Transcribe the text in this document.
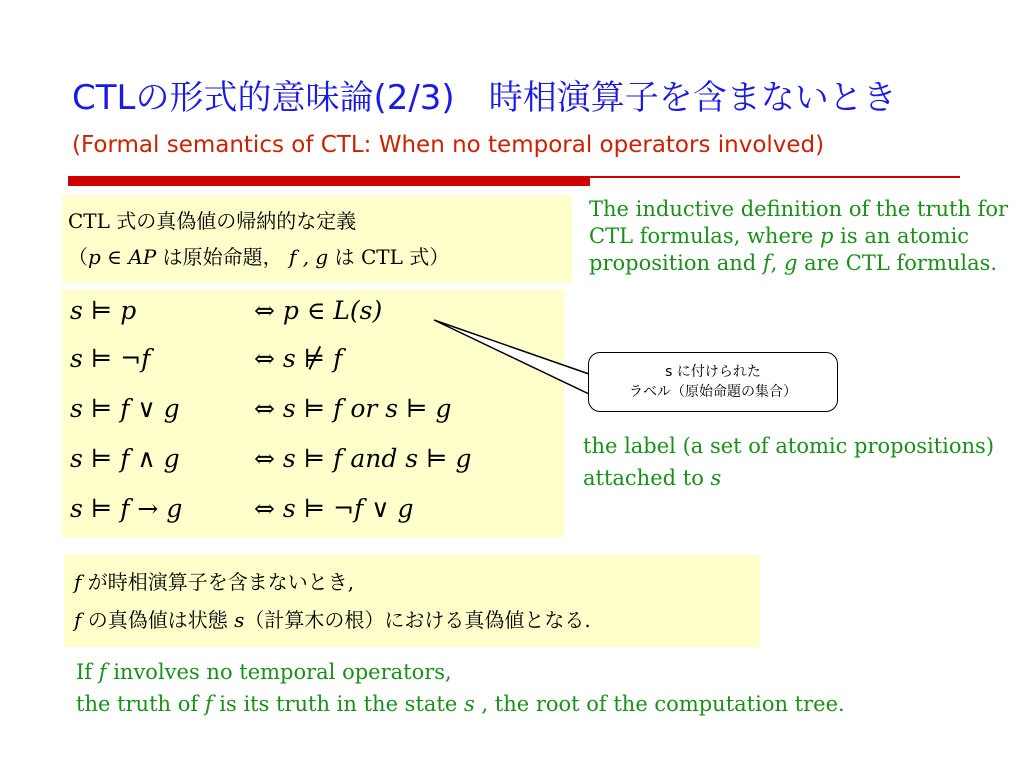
CTLの形式的意味論(2/3)　時相演算子を含まないとき
(Formal semantics of CTL: When no temporal operators involved)
CTL 式の真偽値の帰納的な定義
（p ∈ AP は原始命題， f , g は CTL 式）
s ⊨ p	⇔ p ∈ L(s)
s ⊨ ¬f	⇔ s ⊭ f
s ⊨ f ∨ g	⇔ s ⊨ f or s ⊨ g
s ⊨ f ∧ g	⇔ s ⊨ f and s ⊨ g
s ⊨ f → g	⇔ s ⊨ ¬f ∨ g
The inductive definition of the truth for CTL formulas, where p is an atomic proposition and f, g are CTL formulas.
s に付けられた
ラベル（原始命題の集合）
the label (a set of atomic propositions)
attached to s
f が時相演算子を含まないとき,
f の真偽値は状態 s（計算木の根）における真偽値となる.
If f involves no temporal operators,
the truth of f is its truth in the state s , the root of the computation tree.
